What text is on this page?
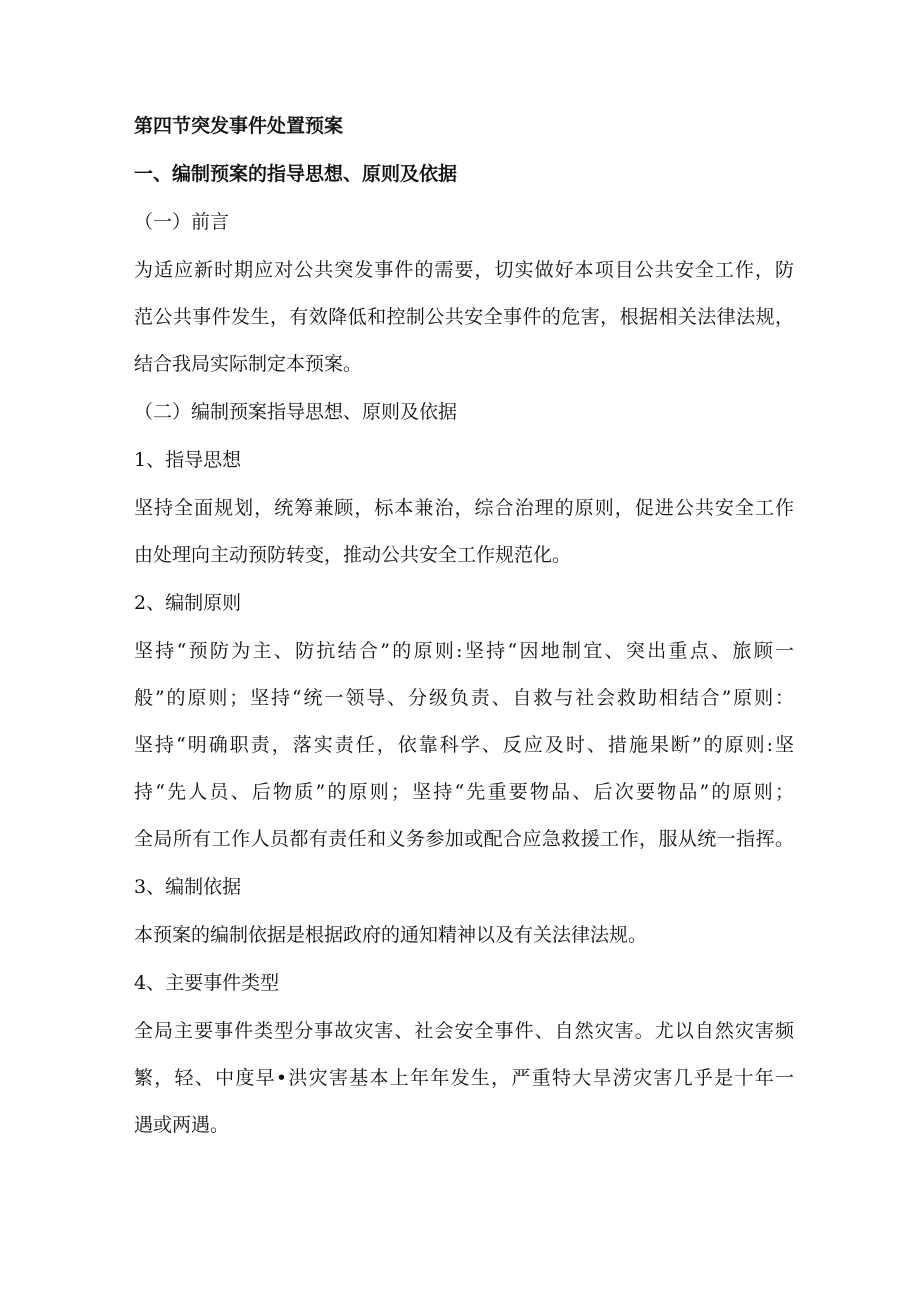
第四节突发事件处置预案

一、编制预案的指导思想、原则及依据

（一）前言

为适应新时期应对公共突发事件的需要，切实做好本项目公共安全工作，防

范公共事件发生，有效降低和控制公共安全事件的危害，根据相关法律法规，

结合我局实际制定本预案。

（二）编制预案指导思想、原则及依据

1、指导思想

坚持全面规划，统筹兼顾，标本兼治，综合治理的原则，促进公共安全工作

由处理向主动预防转变，推动公共安全工作规范化。

2、编制原则

坚持“预防为主、防抗结合”的原则:坚持“因地制宜、突出重点、旅顾一

般”的原则；坚持“统一领导、分级负责、自救与社会救助相结合”原则：

坚持“明确职责，落实责任，依靠科学、反应及时、措施果断”的原则:坚

持“先人员、后物质”的原则；坚持“先重要物品、后次要物品”的原则；

全局所有工作人员都有责任和义务参加或配合应急救援工作，服从统一指挥。

3、编制依据

本预案的编制依据是根据政府的通知精神以及有关法律法规。

4、主要事件类型

全局主要事件类型分事故灾害、社会安全事件、自然灾害。尤以自然灾害频

繁，轻、中度早•洪灾害基本上年年发生，严重特大旱涝灾害几乎是十年一

遇或两遇。
